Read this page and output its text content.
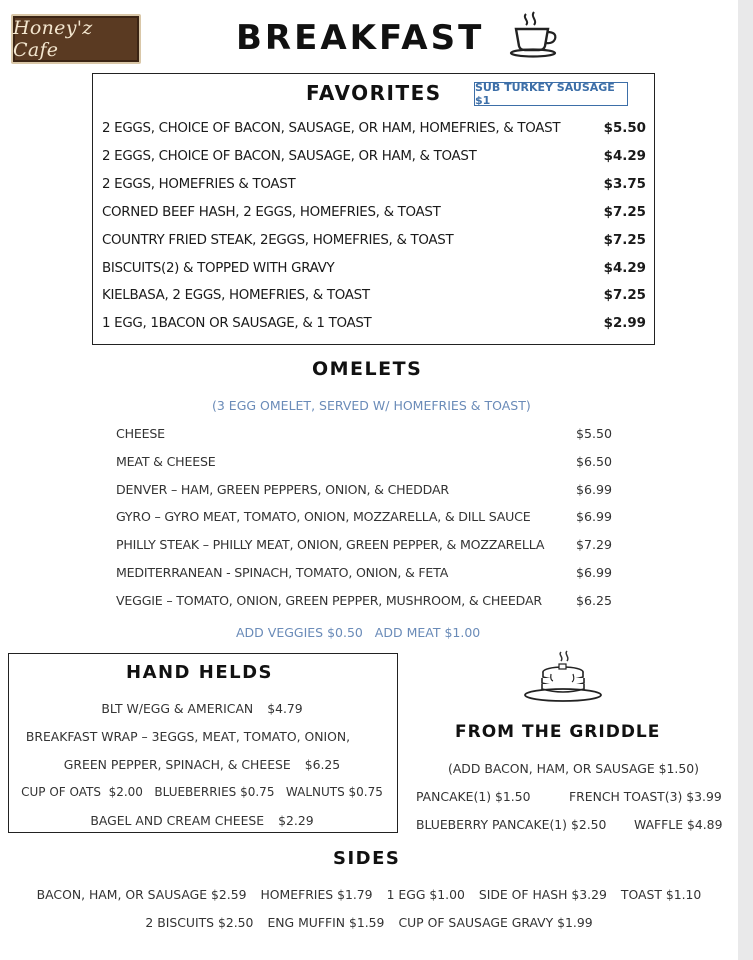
Honey'z Cafe	BREAKFAST
FAVORITES	SUB TURKEY SAUSAGE $1
2 EGGS, CHOICE OF BACON, SAUSAGE, OR HAM, HOMEFRIES, & TOAST	$5.50
2 EGGS, CHOICE OF BACON, SAUSAGE, OR HAM, & TOAST	$4.29
2 EGGS, HOMEFRIES & TOAST	$3.75
CORNED BEEF HASH, 2 EGGS, HOMEFRIES, & TOAST	$7.25
COUNTRY FRIED STEAK, 2EGGS, HOMEFRIES, & TOAST	$7.25
BISCUITS(2) & TOPPED WITH GRAVY	$4.29
KIELBASA, 2 EGGS, HOMEFRIES, & TOAST	$7.25
1 EGG, 1BACON OR SAUSAGE, & 1 TOAST	$2.99
OMELETS
(3 EGG OMELET, SERVED W/ HOMEFRIES & TOAST)
CHEESE	$5.50
MEAT & CHEESE	$6.50
DENVER – HAM, GREEN PEPPERS, ONION, & CHEDDAR	$6.99
GYRO – GYRO MEAT, TOMATO, ONION, MOZZARELLA, & DILL SAUCE	$6.99
PHILLY STEAK – PHILLY MEAT, ONION, GREEN PEPPER, & MOZZARELLA	$7.29
MEDITERRANEAN - SPINACH, TOMATO, ONION, & FETA	$6.99
VEGGIE – TOMATO, ONION, GREEN PEPPER, MUSHROOM, & CHEEDAR	$6.25
ADD VEGGIES $0.50   ADD MEAT $1.00
HAND HELDS
BLT W/EGG & AMERICAN $4.79
BREAKFAST WRAP – 3EGGS, MEAT, TOMATO, ONION,
GREEN PEPPER, SPINACH, & CHEESE $6.25
CUP OF OATS  $2.00   BLUEBERRIES $0.75   WALNUTS $0.75
BAGEL AND CREAM CHEESE $2.29
FROM THE GRIDDLE
(ADD BACON, HAM, OR SAUSAGE $1.50)
PANCAKE(1) $1.50	FRENCH TOAST(3) $3.99
BLUEBERRY PANCAKE(1) $2.50 WAFFLE $4.89
SIDES
BACON, HAM, OR SAUSAGE $2.59 HOMEFRIES $1.79 1 EGG $1.00 SIDE OF HASH $3.29 TOAST $1.10
2 BISCUITS $2.50 ENG MUFFIN $1.59 CUP OF SAUSAGE GRAVY $1.99
